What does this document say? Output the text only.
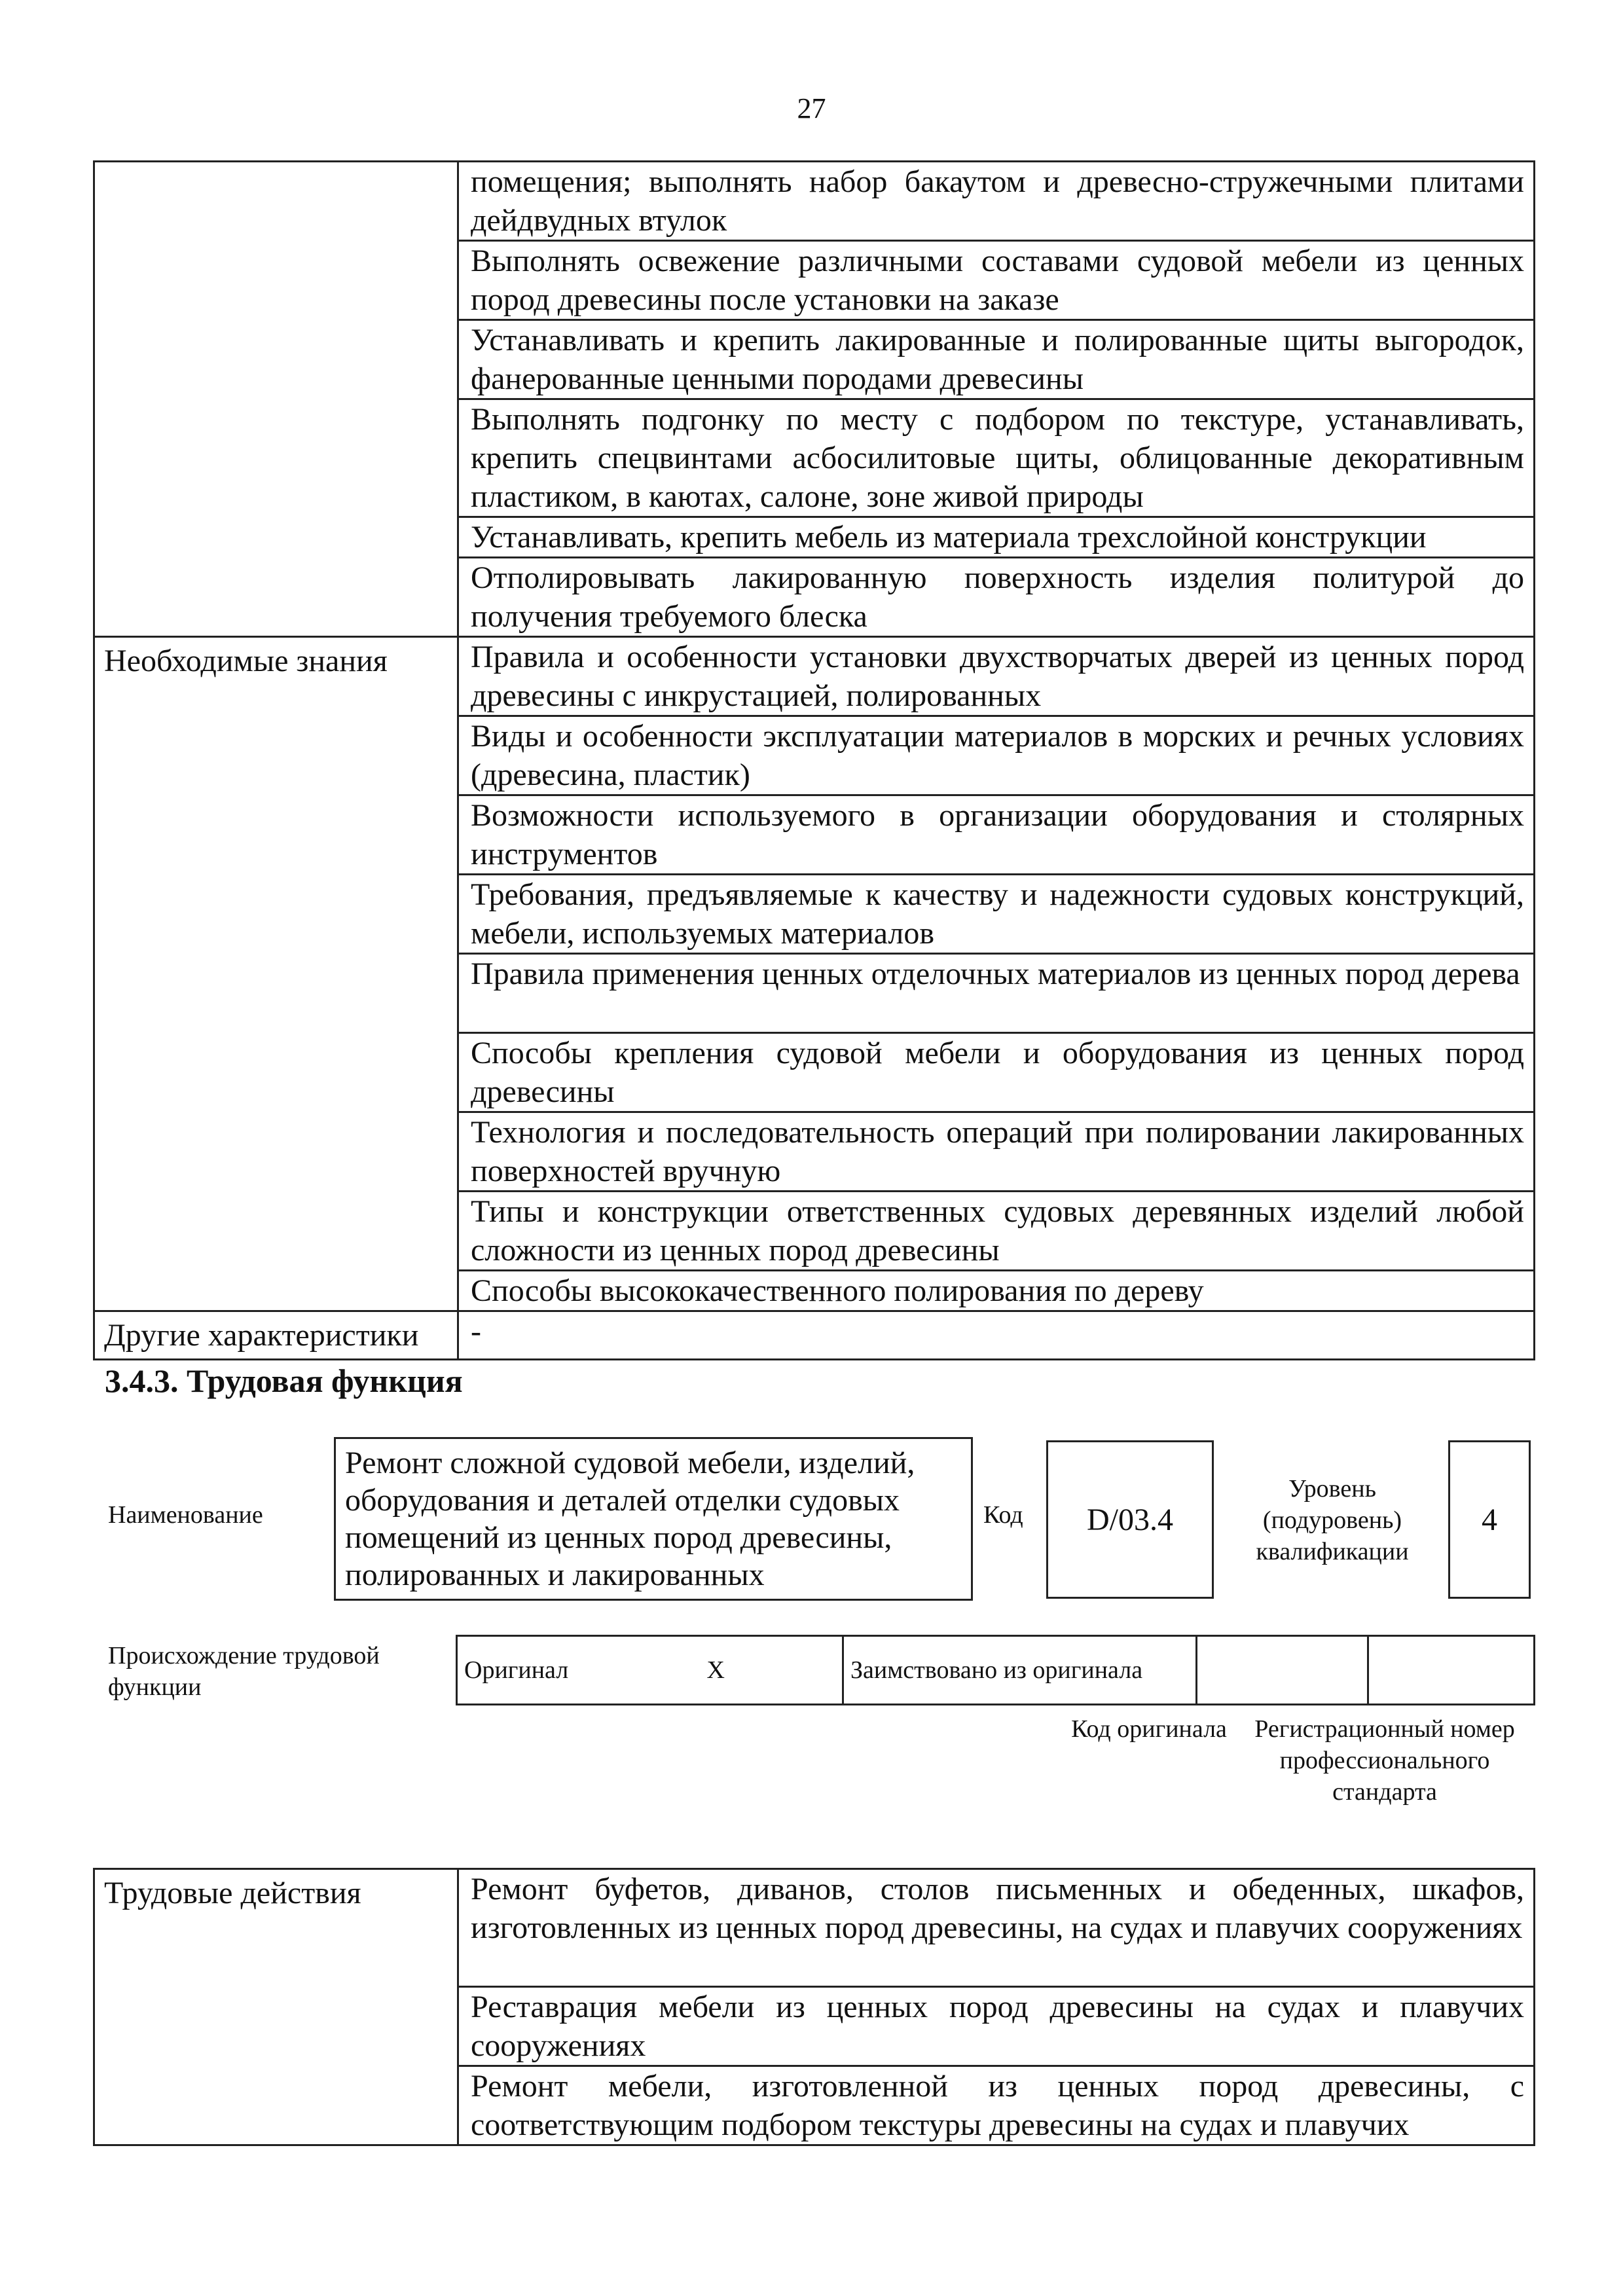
27
	помещения; выполнять набор бакаутом и древесно-стружечными плитами дейдвудных втулок
	Выполнять освежение различными составами судовой мебели из ценных пород древесины после установки на заказе
	Устанавливать и крепить лакированные и полированные щиты выгородок, фанерованные ценными породами древесины
	Выполнять подгонку по месту с подбором по текстуре, устанавливать, крепить спецвинтами асбосилитовые щиты, облицованные декоративным пластиком, в каютах, салоне, зоне живой природы
	Устанавливать, крепить мебель из материала трехслойной конструкции
	Отполировывать лакированную поверхность изделия политурой до получения требуемого блеска
Необходимые знания	Правила и особенности установки двухстворчатых дверей из ценных пород древесины с инкрустацией, полированных
	Виды и особенности эксплуатации материалов в морских и речных условиях (древесина, пластик)
	Возможности используемого в организации оборудования и столярных инструментов
	Требования, предъявляемые к качеству и надежности судовых конструкций, мебели, используемых материалов
	Правила применения ценных отделочных материалов из ценных пород дерева
	Способы крепления судовой мебели и оборудования из ценных пород древесины
	Технология и последовательность операций при полировании лакированных поверхностей вручную
	Типы и конструкции ответственных судовых деревянных изделий любой сложности из ценных пород древесины
	Способы высококачественного полирования по дереву
Другие характеристики	-
3.4.3. Трудовая функция
Наименование
Ремонт сложной судовой мебели, изделий, оборудования и деталей отделки судовых помещений из ценных пород древесины, полированных и лакированных
Код	D/03.4
Уровень (подуровень) квалификации
4
Происхождение трудовой функции
Оригинал	X	Заимствовано из оригинала		
Код оригинала	Регистрационный номер профессионального стандарта
Трудовые действия	Ремонт буфетов, диванов, столов письменных и обеденных, шкафов, изготовленных из ценных пород древесины, на судах и плавучих сооружениях
Реставрация мебели из ценных пород древесины на судах и плавучих сооружениях
Ремонт мебели, изготовленной из ценных пород древесины, с соответствующим подбором текстуры древесины на судах и плавучих
